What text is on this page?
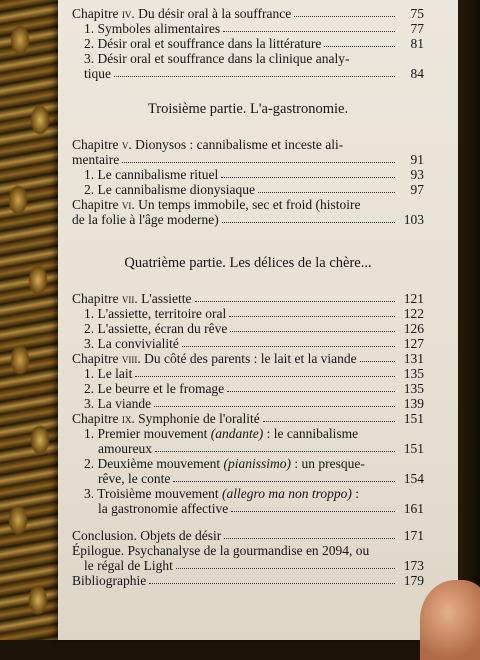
Chapitre iv. Du désir oral à la souffrance	75
1. Symboles alimentaires	77
2. Désir oral et souffrance dans la littérature	81
3. Désir oral et souffrance dans la clinique analy-
tique	84
Troisième partie. L'a-gastronomie.
Chapitre v. Dionysos : cannibalisme et inceste ali-
mentaire	91
1. Le cannibalisme rituel	93
2. Le cannibalisme dionysiaque	97
Chapitre vi. Un temps immobile, sec et froid (histoire
de la folie à l'âge moderne)	103
Quatrième partie. Les délices de la chère...
Chapitre vii. L'assiette	121
1. L'assiette, territoire oral	122
2. L'assiette, écran du rêve	126
3. La convivialité	127
Chapitre viii. Du côté des parents : le lait et la viande	131
1. Le lait	135
2. Le beurre et le fromage	135
3. La viande	139
Chapitre ix. Symphonie de l'oralité	151
1. Premier mouvement (andante) : le cannibalisme
amoureux	151
2. Deuxième mouvement (pianissimo) : un presque-
rêve, le conte	154
3. Troisième mouvement (allegro ma non troppo) :
la gastronomie affective	161
Conclusion. Objets de désir	171
Épilogue. Psychanalyse de la gourmandise en 2094, ou
le régal de Light	173
Bibliographie	179
